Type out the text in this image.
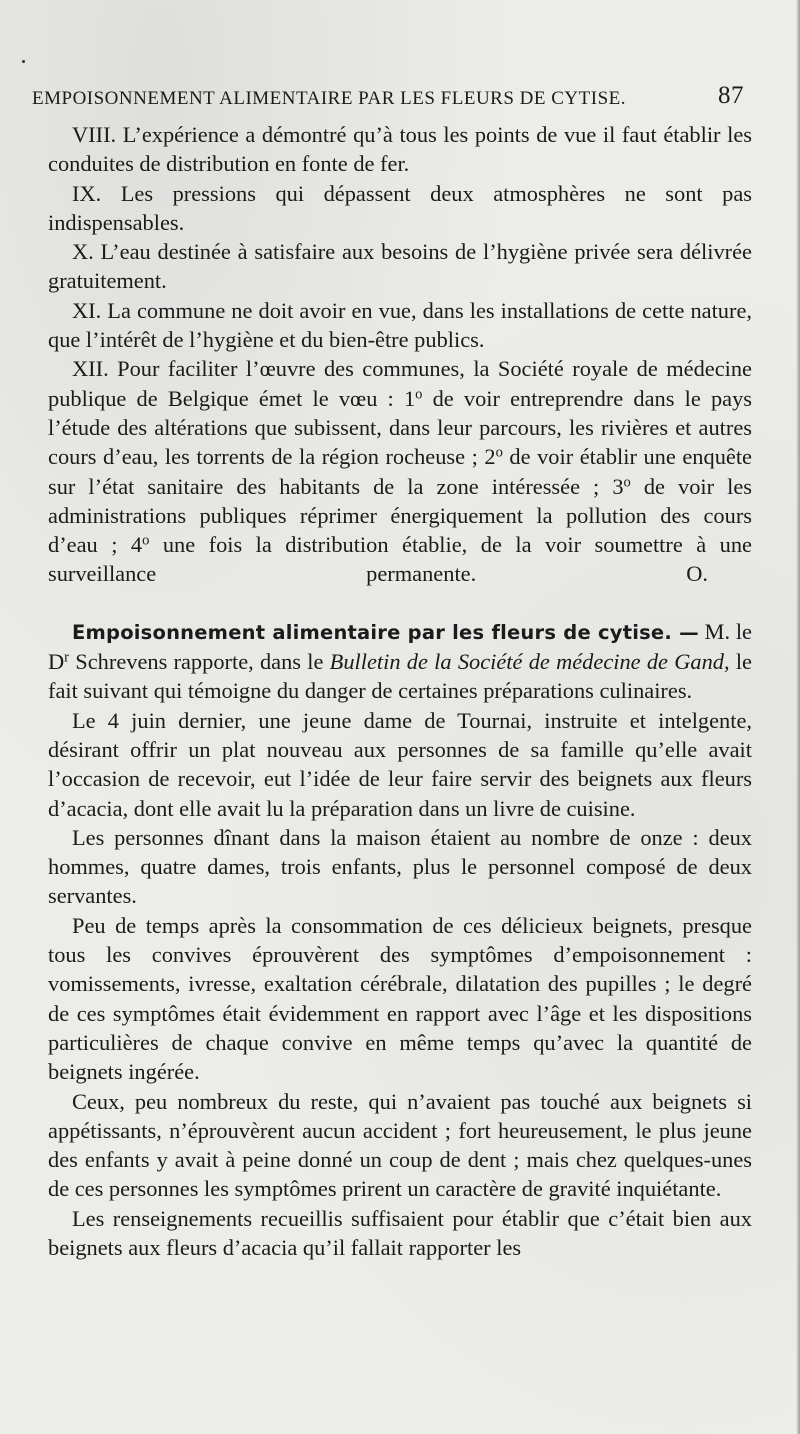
EMPOISONNEMENT ALIMENTAIRE PAR LES FLEURS DE CYTISE.	87

VIII. L’expérience a démontré qu’à tous les points de vue il faut établir les conduites de distribution en fonte de fer.

IX. Les pressions qui dépassent deux atmosphères ne sont pas indispensables.

X. L’eau destinée à satisfaire aux besoins de l’hygiène privée sera délivrée gratuitement.

XI. La commune ne doit avoir en vue, dans les installations de cette nature, que l’intérêt de l’hygiène et du bien-être publics.

XII. Pour faciliter l’œuvre des communes, la Société royale de médecine publique de Belgique émet le vœu : 1$^o$ de voir entreprendre dans le pays l’étude des altérations que subissent, dans leur parcours, les rivières et autres cours d’eau, les torrents de la région rocheuse ; 2$^o$ de voir établir une enquête sur l’état sanitaire des habitants de la zone intéressée ; 3$^o$ de voir les administrations publiques réprimer énergiquement la pollution des cours d’eau ; 4$^o$ une fois la distribution établie, de la voir soumettre à une surveillance permanente.	O.

Empoisonnement alimentaire par les fleurs de cytise. — M. le $D^r$ Schrevens rapporte, dans le Bulletin de la Société de médecine de Gand, le fait suivant qui témoigne du danger de certaines préparations culinaires.

Le 4 juin dernier, une jeune dame de Tournai, instruite et intelgente, désirant offrir un plat nouveau aux personnes de sa famille qu’elle avait l’occasion de recevoir, eut l’idée de leur faire servir des beignets aux fleurs d’acacia, dont elle avait lu la préparation dans un livre de cuisine.

Les personnes dînant dans la maison étaient au nombre de onze : deux hommes, quatre dames, trois enfants, plus le personnel composé de deux servantes.

Peu de temps après la consommation de ces délicieux beignets, presque tous les convives éprouvèrent des symptômes d’empoisonnement : vomissements, ivresse, exaltation cérébrale, dilatation des pupilles ; le degré de ces symptômes était évidemment en rapport avec l’âge et les dispositions particulières de chaque convive en même temps qu’avec la quantité de beignets ingérée.

Ceux, peu nombreux du reste, qui n’avaient pas touché aux beignets si appétissants, n’éprouvèrent aucun accident ; fort heureusement, le plus jeune des enfants y avait à peine donné un coup de dent ; mais chez quelques-unes de ces personnes les symptômes prirent un caractère de gravité inquiétante.

Les renseignements recueillis suffisaient pour établir que c’était bien aux beignets aux fleurs d’acacia qu’il fallait rapporter les
